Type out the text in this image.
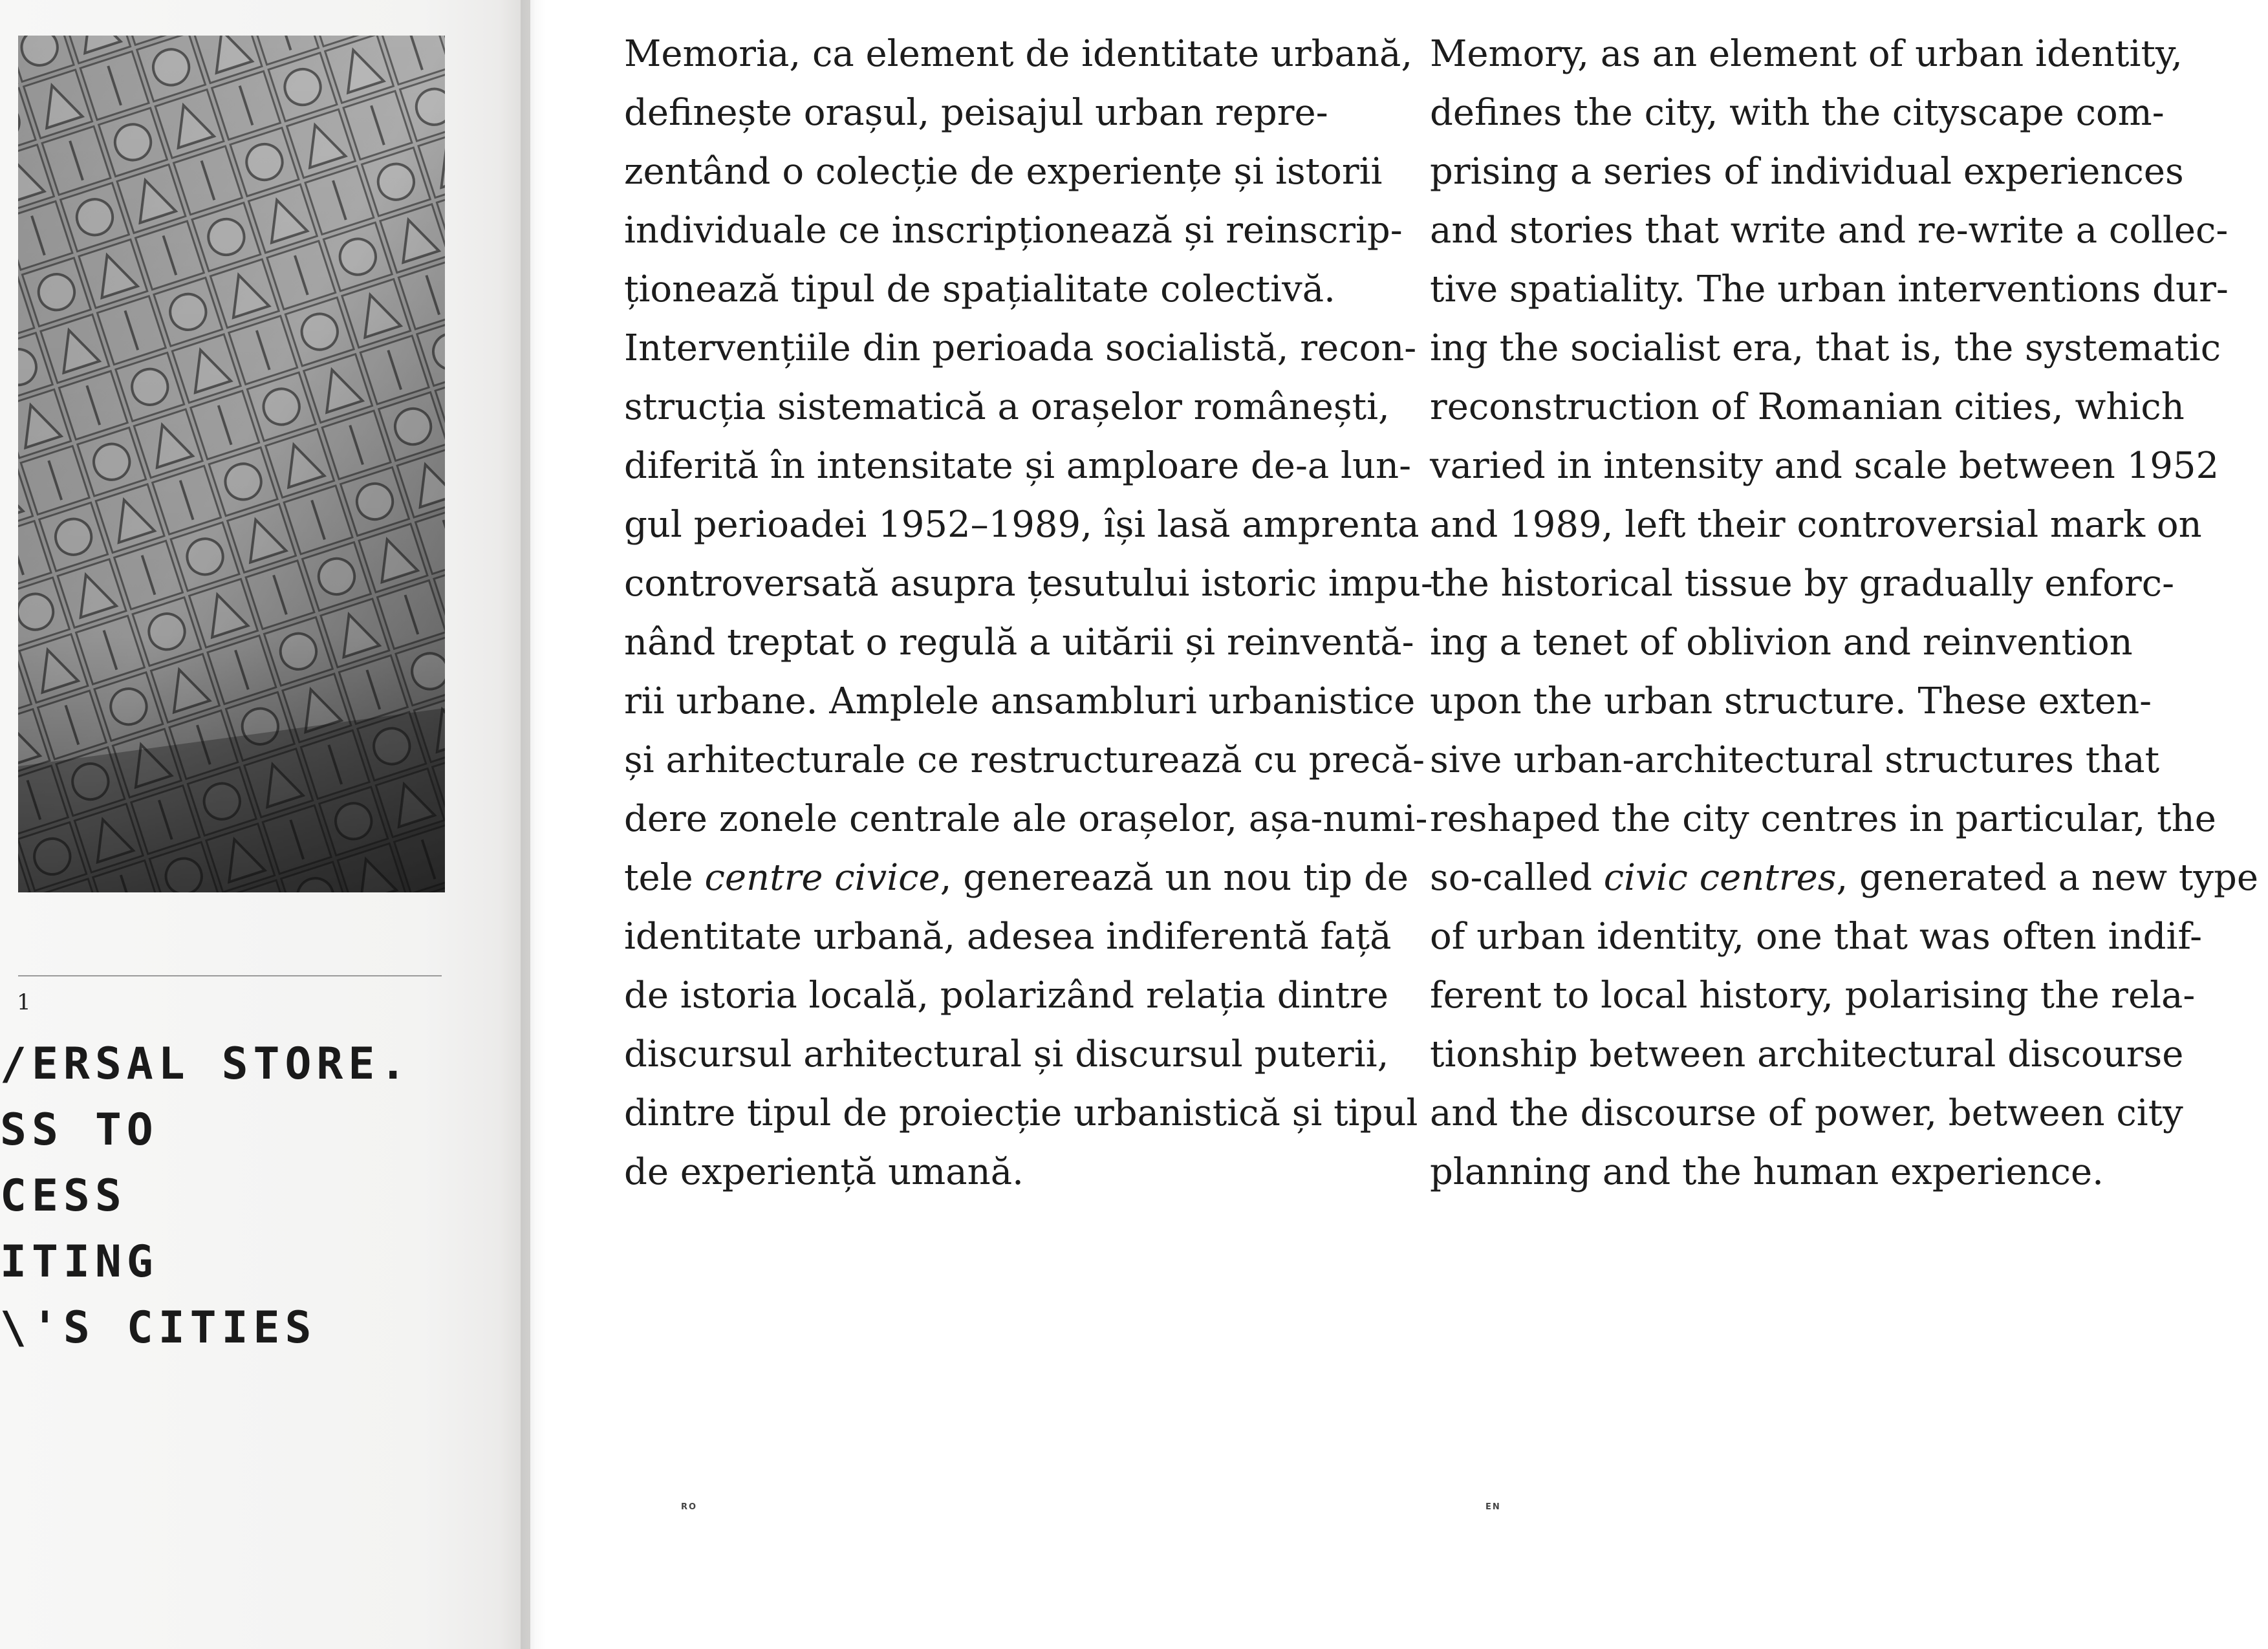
1
/ERSAL STORE.
SS TO
CESS
ITING
\'S CITIES
Memoria, ca element de identitate urbană,
definește orașul, peisajul urban repre-
zentând o colecție de experiențe și istorii
individuale ce inscripționează și reinscrip-
ționează tipul de spațialitate colectivă.
Intervențiile din perioada socialistă, recon-
strucția sistematică a orașelor românești,
diferită în intensitate și amploare de-a lun-
gul perioadei 1952–1989, își lasă amprenta
controversată asupra țesutului istoric impu-
nând treptat o regulă a uitării și reinventă-
rii urbane. Amplele ansambluri urbanistice
și arhitecturale ce restructurează cu precă-
dere zonele centrale ale orașelor, așa-numi-
tele centre civice, generează un nou tip de
identitate urbană, adesea indiferentă față
de istoria locală, polarizând relația dintre
discursul arhitectural și discursul puterii,
dintre tipul de proiecție urbanistică și tipul
de experiență umană.
Memory, as an element of urban identity,
defines the city, with the cityscape com-
prising a series of individual experiences
and stories that write and re-write a collec-
tive spatiality. The urban interventions dur-
ing the socialist era, that is, the systematic
reconstruction of Romanian cities, which
varied in intensity and scale between 1952
and 1989, left their controversial mark on
the historical tissue by gradually enforc-
ing a tenet of oblivion and reinvention
upon the urban structure. These exten-
sive urban-architectural structures that
reshaped the city centres in particular, the
so-called civic centres, generated a new type
of urban identity, one that was often indif-
ferent to local history, polarising the rela-
tionship between architectural discourse
and the discourse of power, between city
planning and the human experience.
RO	EN
